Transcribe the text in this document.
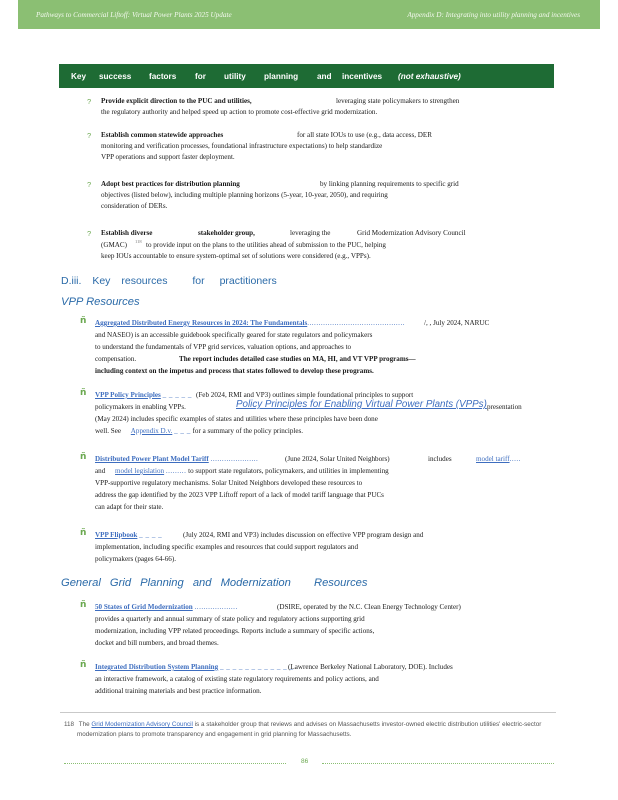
Pathways to Commercial Liftoff: Virtual Power Plants 2025 Update	Appendix D: Integrating into utility planning and incentives
Key success factors for utility planning and incentives (not exhaustive)
? Provide explicit direction to the PUC and utilities,	leveraging state policymakers to strengthen
the regulatory authority and helped speed up action to promote cost-effective grid modernization.
? Establish common statewide approaches	for all state IOUs to use (e.g., data access, DER
monitoring and verification processes, foundational infrastructure expectations) to help standardize
VPP operations and support faster deployment.
? Adopt best practices for distribution planning	by linking planning requirements to specific grid
objectives (listed below), including multiple planning horizons (5-year, 10-year, 2050), and requiring
consideration of DERs.
? Establish diverse	stakeholder group,	leveraging the	Grid Modernization Advisory Council
(GMAC) 118 to provide input on the plans to the utilities ahead of submission to the PUC, helping
keep IOUs accountable to ensure system-optimal set of solutions were considered (e.g., VPPs).
D.iii. Key resources for practitioners
VPP Resources
ñ Aggregated Distributed Energy Resources in 2024: The Fundamentals...........................................	/, , July 2024, NARUC
and NASEO) is an accessible guidebook specifically geared for state regulators and policymakers
to understand the fundamentals of VPP grid services, valuation options, and approaches to
compensation.	The report includes detailed case studies on MA, HI, and VT VPP programs—
including context on the impetus and process that states followed to develop these programs.
ñ VPP Policy Principles _ _ _ _ _ (Feb 2024, RMI and VP3) outlines simple foundational principles to support
policymakers in enabling VPPs.	Policy Principles for Enabling Virtual Power Plants (VPPs) presentation
(May 2024) includes specific examples of states and utilities where these principles have been done
well. See Appendix D.v. _ _ _ for a summary of the policy principles.
ñ Distributed Power Plant Model Tariff .....................	(June 2024, Solar United Neighbors)	includes	model tariff.....
and model legislation ......... to support state regulators, policymakers, and utilities in implementing
VPP-supportive regulatory mechanisms. Solar United Neighbors developed these resources to
address the gap identified by the 2023 VPP Liftoff report of a lack of model tariff language that PUCs
can adapt for their state.
ñ VPP Flipbook _ _ _ _	(July 2024, RMI and VP3) includes discussion on effective VPP program design and
implementation, including specific examples and resources that could support regulators and
policymakers (pages 64-66).
General Grid Planning and Modernization Resources
ñ 50 States of Grid Modernization ...................	(DSIRE, operated by the N.C. Clean Energy Technology Center)
provides a quarterly and annual summary of state policy and regulatory actions supporting grid
modernization, including VPP related proceedings. Reports include a summary of specific actions,
docket and bill numbers, and broad themes.
ñ Integrated Distribution System Planning _ _ _ _ _ _ _ _ _ _ _ _
(Lawrence Berkeley National Laboratory, DOE). Includes
an interactive framework, a catalog of existing state regulatory requirements and policy actions, and
additional training materials and best practice information.
118 The Grid Modernization Advisory Council is a stakeholder group that reviews and advises on Massachusetts investor-owned electric distribution utilities' electric-sector
modernization plans to promote transparency and engagement in grid planning for Massachusetts.
86
